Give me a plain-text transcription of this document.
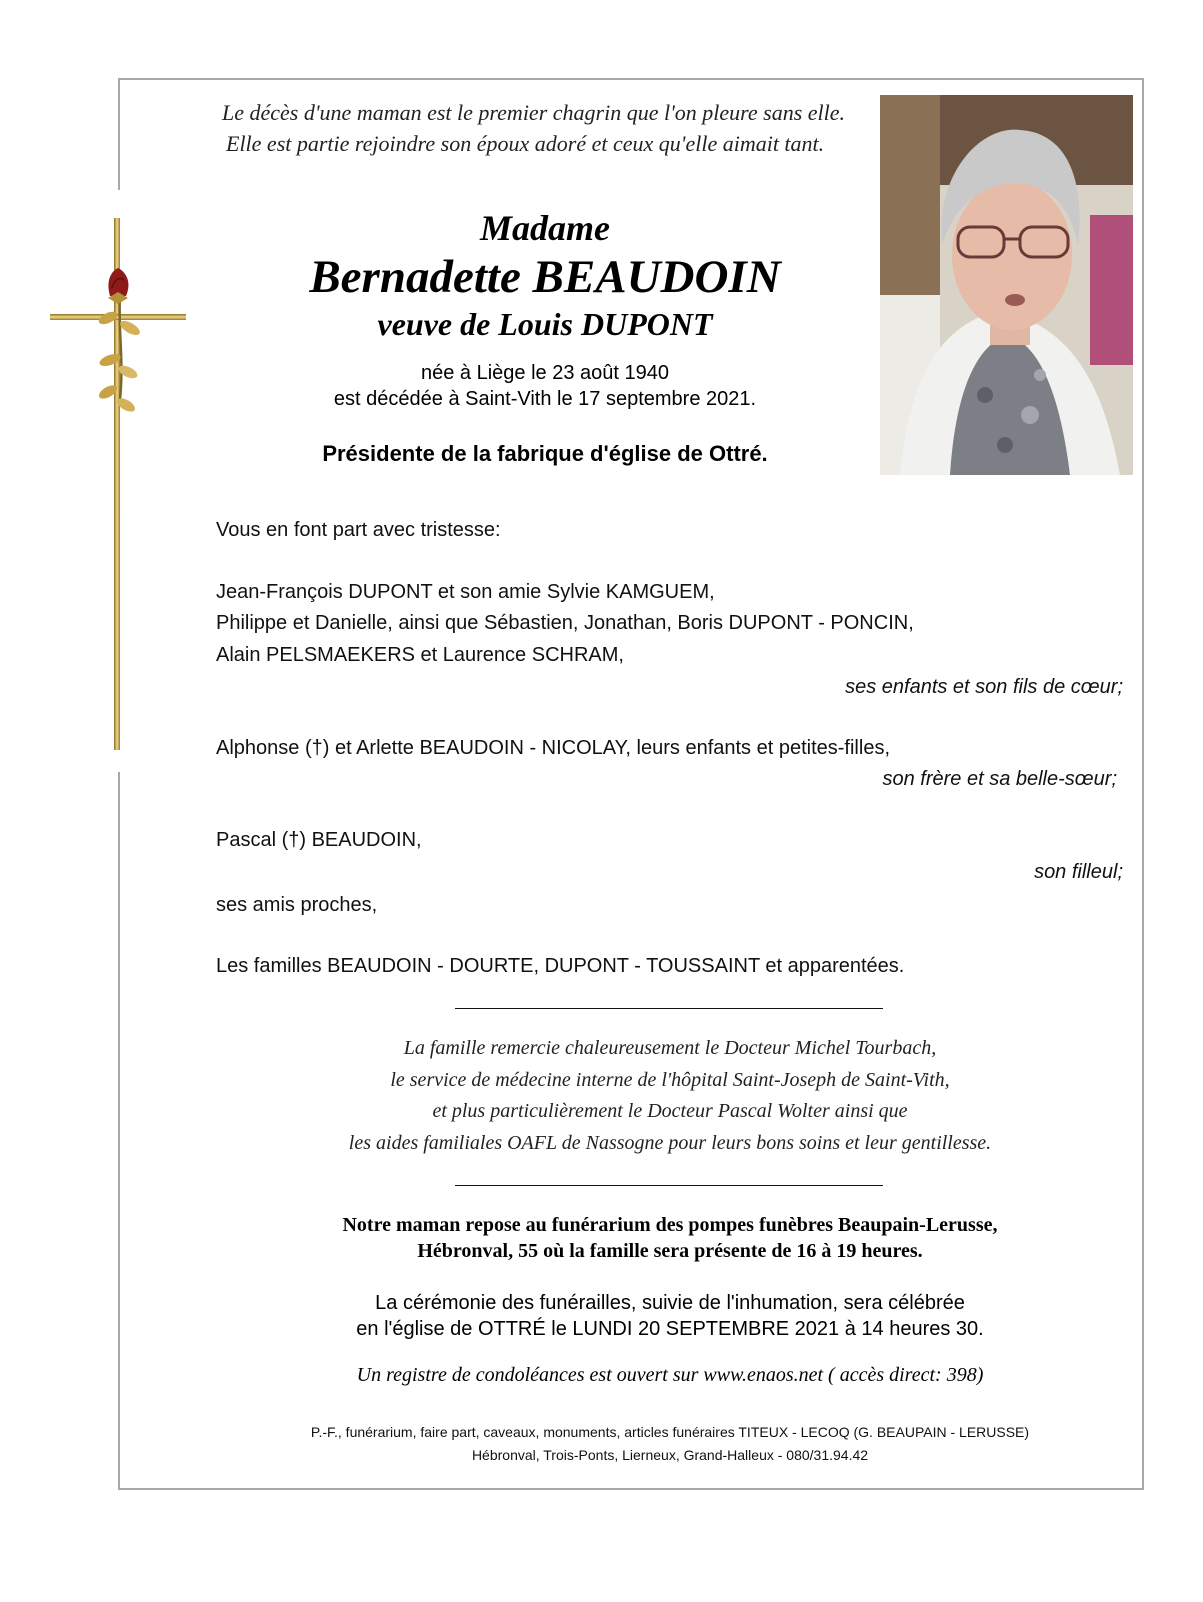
Le décès d'une maman est le premier chagrin que l'on pleure sans elle.
Elle est partie rejoindre son époux adoré et ceux qu'elle aimait tant.
Madame
Bernadette BEAUDOIN
veuve de Louis DUPONT
née à Liège le 23 août 1940
est décédée à Saint-Vith le 17 septembre 2021.
Présidente de la fabrique d'église de Ottré.
Vous en font part avec tristesse:
Jean-François DUPONT et son amie Sylvie KAMGUEM,
Philippe et Danielle, ainsi que Sébastien, Jonathan, Boris DUPONT - PONCIN,
Alain PELSMAEKERS et Laurence SCHRAM,
ses enfants et son fils de cœur;
Alphonse (†) et Arlette BEAUDOIN - NICOLAY, leurs enfants et petites-filles,
son frère et sa belle-sœur;
Pascal (†) BEAUDOIN,
son filleul;
ses amis proches,
Les familles BEAUDOIN - DOURTE, DUPONT - TOUSSAINT et apparentées.
La famille remercie chaleureusement le Docteur Michel Tourbach,
le service de médecine interne de l'hôpital Saint-Joseph de Saint-Vith,
et plus particulièrement le Docteur Pascal Wolter ainsi que
les aides familiales OAFL de Nassogne pour leurs bons soins et leur gentillesse.
Notre maman repose au funérarium des pompes funèbres Beaupain-Lerusse,
Hébronval, 55 où la famille sera présente de 16 à 19 heures.
La cérémonie des funérailles, suivie de l'inhumation, sera célébrée
en l'église de OTTRÉ le LUNDI 20 SEPTEMBRE 2021 à 14 heures 30.
Un registre de condoléances est ouvert sur www.enaos.net ( accès direct: 398)
P.-F., funérarium, faire part, caveaux, monuments, articles funéraires TITEUX - LECOQ (G. BEAUPAIN - LERUSSE)
Hébronval, Trois-Ponts, Lierneux, Grand-Halleux - 080/31.94.42
